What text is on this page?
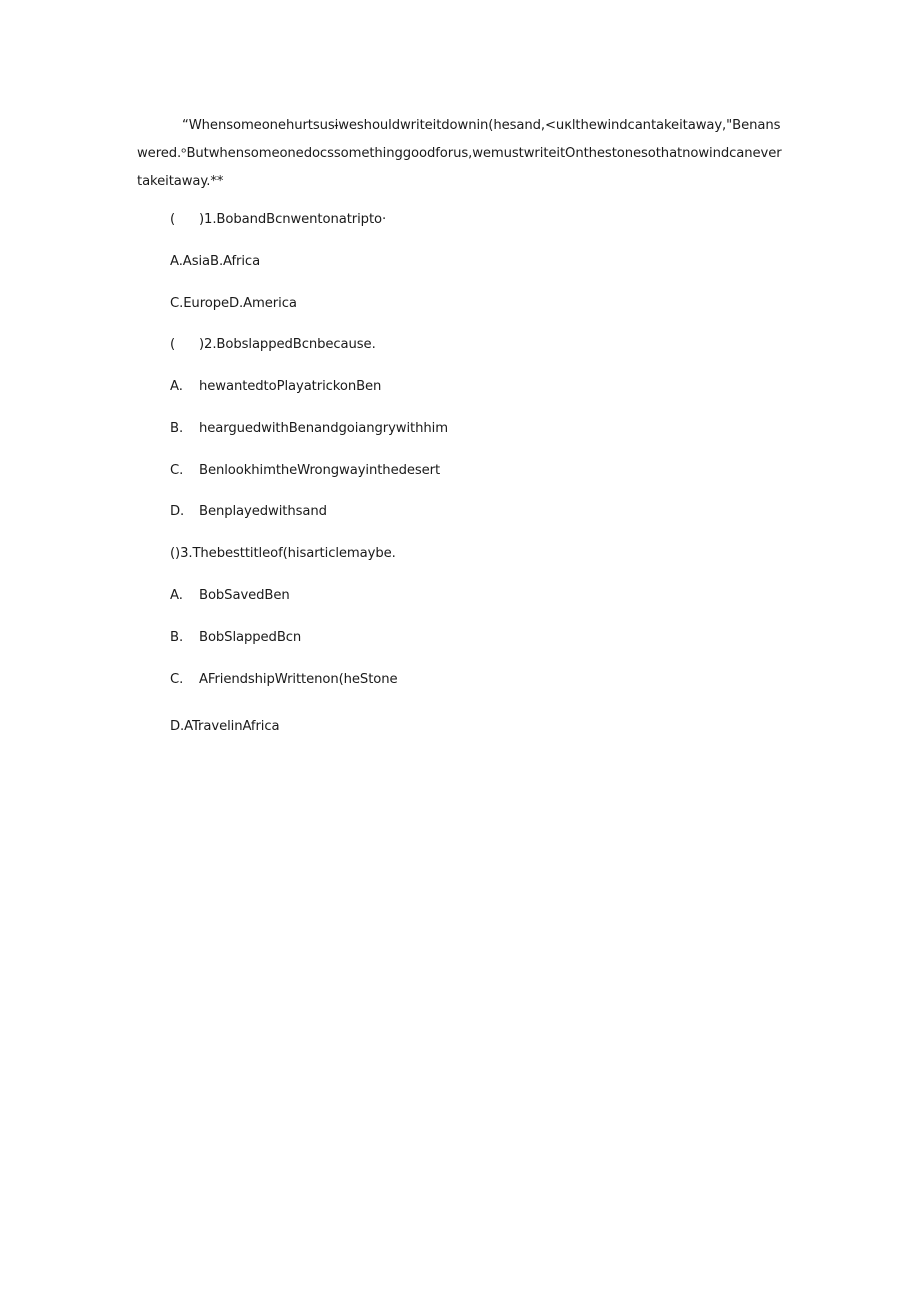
“Whensomeonehurtsusɨweshouldwriteitdownin(hesand,<uκlthewindcantakeitaway,"Benanswered.ᵒButwhensomeonedocssomethinggoodforus,wemustwriteitOnthestonesothatnowindcanevertakeitaway.**
( )1.BobandBcnwentonatripto·
A.AsiaB.Africa
C.EuropeD.America
( )2.BobslappedBcnbecause.
A. hewantedtoPlayatrickonBen
B. hearguedwithBenandgoiangrywithhim
C. BenlookhimtheWrongwayinthedesert
D. Benplayedwithsand
()3.Thebesttitleof(hisarticlemaybe.
A. BobSavedBen
B. BobSlappedBcn
C. AFriendshipWrittenon(heStone
D.ATravelinAfrica
